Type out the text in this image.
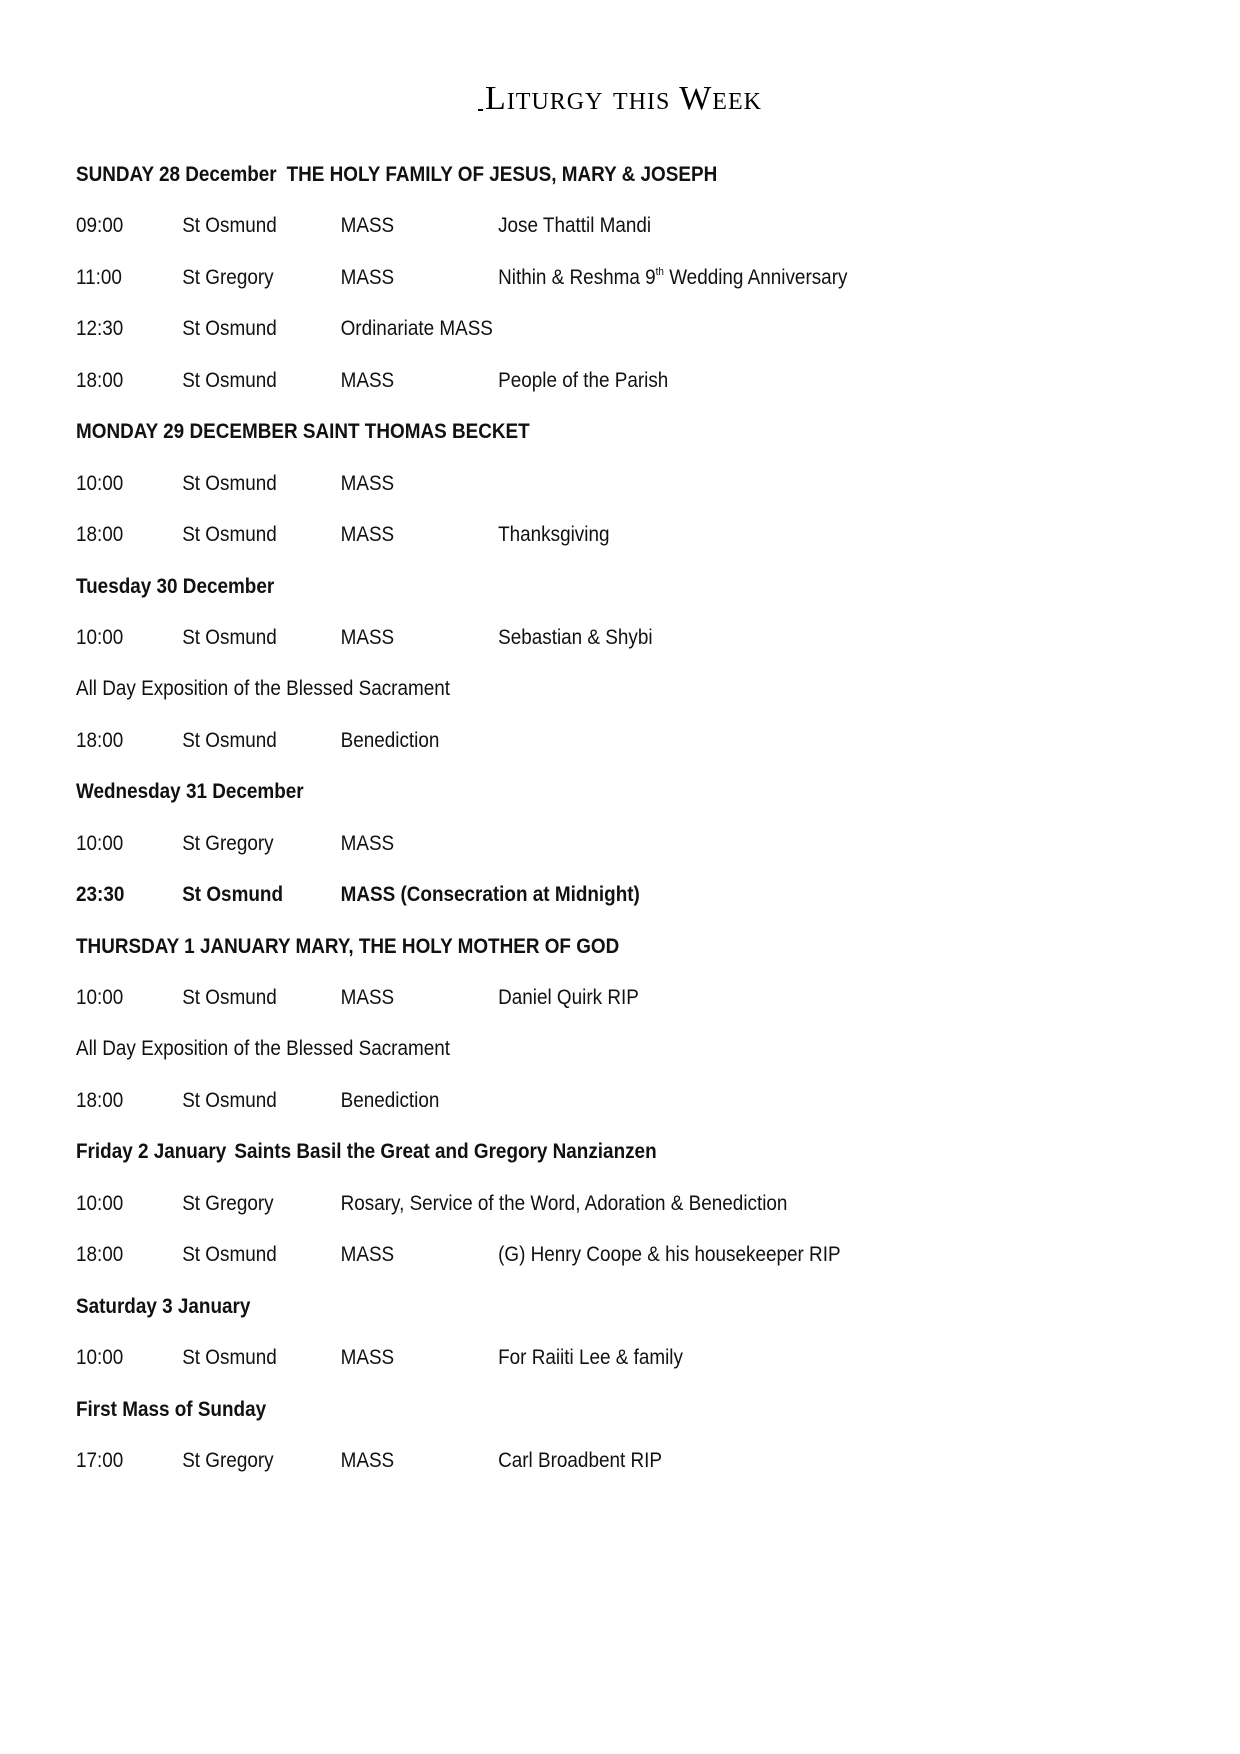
Liturgy this Week
SUNDAY 28 December THE HOLY FAMILY OF JESUS, MARY & JOSEPH
09:00	St Osmund	MASS	Jose Thattil Mandi
11:00	St Gregory	MASS	Nithin & Reshma 9th Wedding Anniversary
12:30	St Osmund	Ordinariate MASS
18:00	St Osmund	MASS	People of the Parish
MONDAY 29 DECEMBER SAINT THOMAS BECKET
10:00	St Osmund	MASS
18:00	St Osmund	MASS	Thanksgiving
Tuesday 30 December
10:00	St Osmund	MASS	Sebastian & Shybi
All Day Exposition of the Blessed Sacrament
18:00	St Osmund	Benediction
Wednesday 31 December
10:00	St Gregory	MASS
23:30	St Osmund	MASS (Consecration at Midnight)
THURSDAY 1 JANUARY MARY, THE HOLY MOTHER OF GOD
10:00	St Osmund	MASS	Daniel Quirk RIP
All Day Exposition of the Blessed Sacrament
18:00	St Osmund	Benediction
Friday 2 January Saints Basil the Great and Gregory Nanzianzen
10:00	St Gregory	Rosary, Service of the Word, Adoration & Benediction
18:00	St Osmund	MASS	(G) Henry Coope & his housekeeper RIP
Saturday 3 January
10:00	St Osmund	MASS	For Raiiti Lee & family
First Mass of Sunday
17:00	St Gregory	MASS	Carl Broadbent RIP
